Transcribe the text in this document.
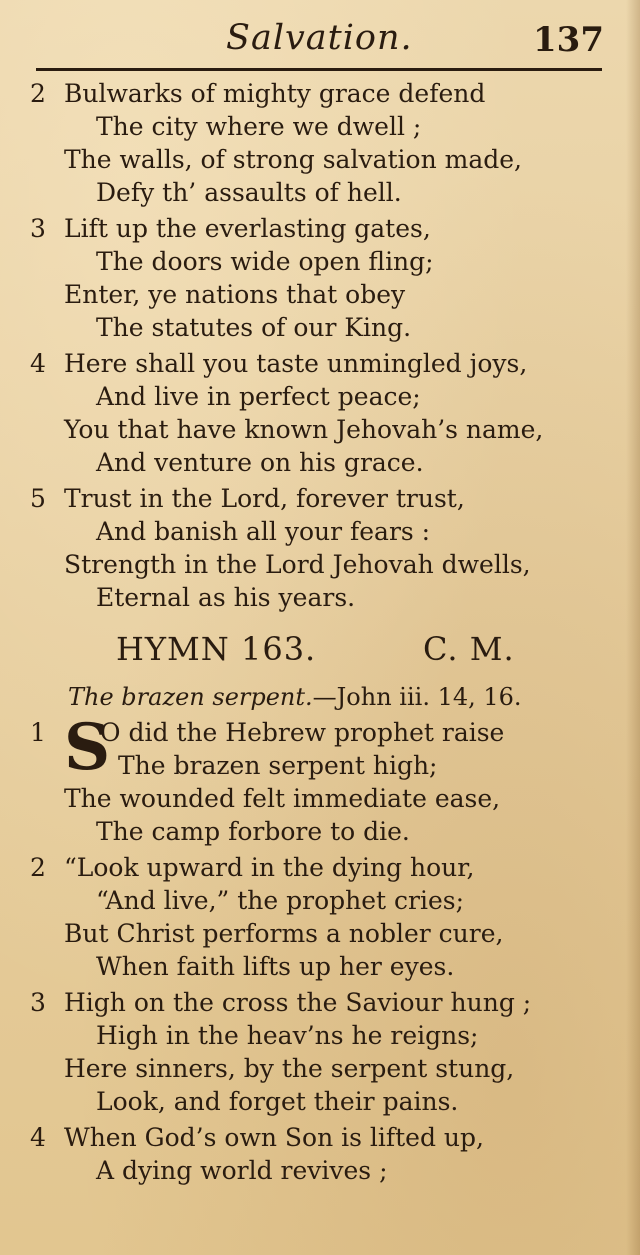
Salvation.	137
2 Bulwarks of mighty grace defend
The city where we dwell ;
The walls, of strong salvation made,
Defy th’ assaults of hell.
3 Lift up the everlasting gates,
The doors wide open fling;
Enter, ye nations that obey
The statutes of our King.
4 Here shall you taste unmingled joys,
And live in perfect peace;
You that have known Jehovah’s name,
And venture on his grace.
5 Trust in the Lord, forever trust,
And banish all your fears :
Strength in the Lord Jehovah dwells,
Eternal as his years.
HYMN 163.	C. M.
The brazen serpent.—John iii. 14, 16.
1 S
O did the Hebrew prophet raise
The brazen serpent high;
The wounded felt immediate ease,
The camp forbore to die.
2 “Look upward in the dying hour,
“And live,” the prophet cries;
But Christ performs a nobler cure,
When faith lifts up her eyes.
3 High on the cross the Saviour hung ;
High in the heav’ns he reigns;
Here sinners, by the serpent stung,
Look, and forget their pains.
4 When God’s own Son is lifted up,
A dying world revives ;
